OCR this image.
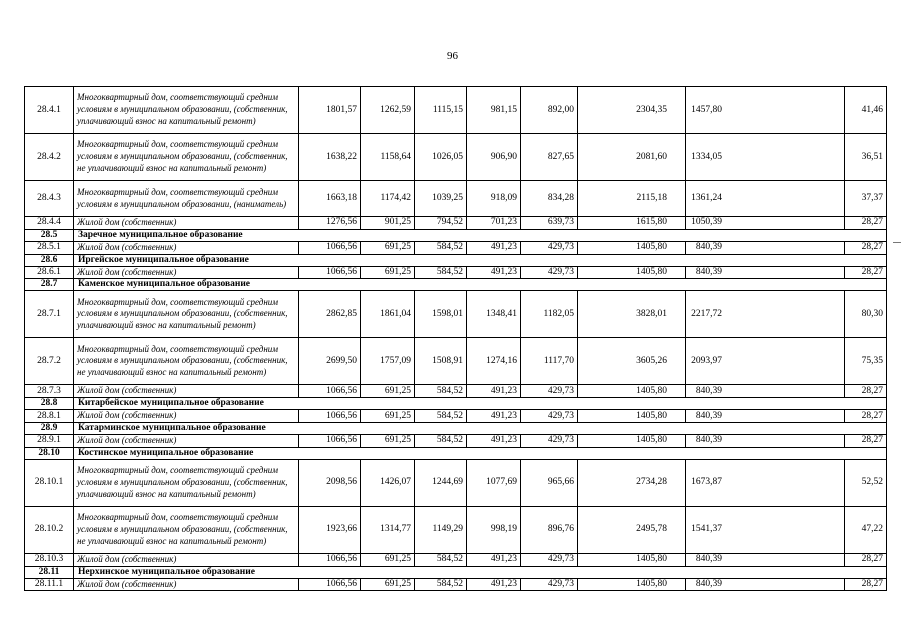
96
28.4.1	Многоквартирный дом, соответствующий средним условиям в муниципальном образовании, (собственник, уплачивающий взнос на капитальный ремонт)	1801,57	1262,59	1115,15	981,15	892,00	2304,35	1457,80	41,46
28.4.2	Многоквартирный дом, соответствующий средним условиям в муниципальном образовании, (собственник, не уплачивающий взнос на капитальный ремонт)	1638,22	1158,64	1026,05	906,90	827,65	2081,60	1334,05	36,51
28.4.3	Многоквартирный дом, соответствующий средним условиям в муниципальном образовании, (наниматель)	1663,18	1174,42	1039,25	918,09	834,28	2115,18	1361,24	37,37
28.4.4	Жилой дом (собственник)	1276,56	901,25	794,52	701,23	639,73	1615,80	1050,39	28,27
28.5	Заречное муниципальное образование								
28.5.1	Жилой дом (собственник)	1066,56	691,25	584,52	491,23	429,73	1405,80	840,39	28,27
28.6	Иргейское муниципальное образование								
28.6.1	Жилой дом (собственник)	1066,56	691,25	584,52	491,23	429,73	1405,80	840,39	28,27
28.7	Каменское муниципальное образование								
28.7.1	Многоквартирный дом, соответствующий средним условиям в муниципальном образовании, (собственник, уплачивающий взнос на капитальный ремонт)	2862,85	1861,04	1598,01	1348,41	1182,05	3828,01	2217,72	80,30
28.7.2	Многоквартирный дом, соответствующий средним условиям в муниципальном образовании, (собственник, не уплачивающий взнос на капитальный ремонт)	2699,50	1757,09	1508,91	1274,16	1117,70	3605,26	2093,97	75,35
28.7.3	Жилой дом (собственник)	1066,56	691,25	584,52	491,23	429,73	1405,80	840,39	28,27
28.8	Китарбейское муниципальное образование								
28.8.1	Жилой дом (собственник)	1066,56	691,25	584,52	491,23	429,73	1405,80	840,39	28,27
28.9	Катарминское муниципальное образование								
28.9.1	Жилой дом (собственник)	1066,56	691,25	584,52	491,23	429,73	1405,80	840,39	28,27
28.10	Костинское муниципальное образование								
28.10.1	Многоквартирный дом, соответствующий средним условиям в муниципальном образовании, (собственник, уплачивающий взнос на капитальный ремонт)	2098,56	1426,07	1244,69	1077,69	965,66	2734,28	1673,87	52,52
28.10.2	Многоквартирный дом, соответствующий средним условиям в муниципальном образовании, (собственник, не уплачивающий взнос на капитальный ремонт)	1923,66	1314,77	1149,29	998,19	896,76	2495,78	1541,37	47,22
28.10.3	Жилой дом (собственник)	1066,56	691,25	584,52	491,23	429,73	1405,80	840,39	28,27
28.11	Нерхинское муниципальное образование								
28.11.1	Жилой дом (собственник)	1066,56	691,25	584,52	491,23	429,73	1405,80	840,39	28,27
